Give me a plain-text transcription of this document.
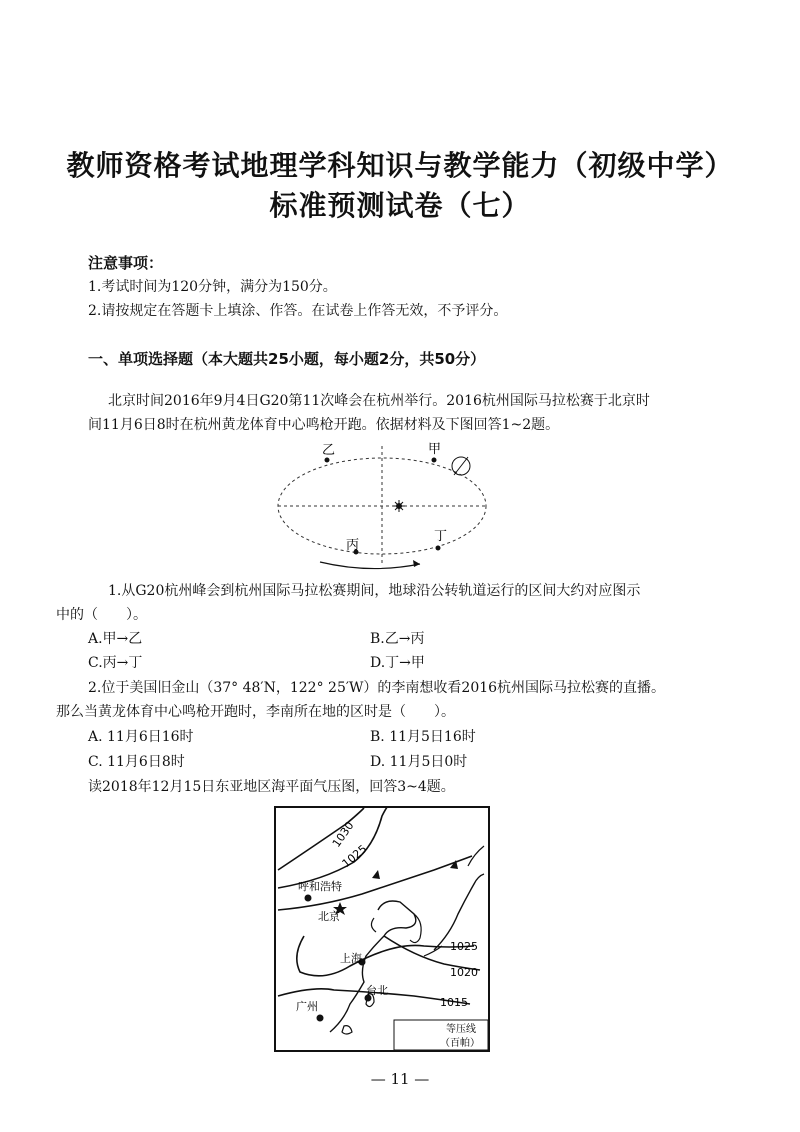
教师资格考试地理学科知识与教学能力（初级中学）
标准预测试卷（七）
注意事项：
1.考试时间为120分钟，满分为150分。
2.请按规定在答题卡上填涂、作答。在试卷上作答无效，不予评分。
一、单项选择题（本大题共25小题，每小题2分，共50分）
北京时间2016年9月4日G20第11次峰会在杭州举行。2016杭州国际马拉松赛于北京时
间11月6日8时在杭州黄龙体育中心鸣枪开跑。依据材料及下图回答1~2题。
乙	甲
丙
丁
1.从G20杭州峰会到杭州国际马拉松赛期间，地球沿公转轨道运行的区间大约对应图示
中的（　　）。
A.甲→乙	B.乙→丙
C.丙→丁	D.丁→甲
2.位于美国旧金山（37° 48′N，122° 25′W）的李南想收看2016杭州国际马拉松赛的直播。
那么当黄龙体育中心鸣枪开跑时，李南所在地的区时是（　　）。
A. 11月6日16时	B. 11月5日16时
C. 11月6日8时	D. 11月5日0时
读2018年12月15日东亚地区海平面气压图，回答3~4题。
1030
1025
1025
1020
1015
呼和浩特
北京
上海
台北
广州
等压线
（百帕）
— 11 —
